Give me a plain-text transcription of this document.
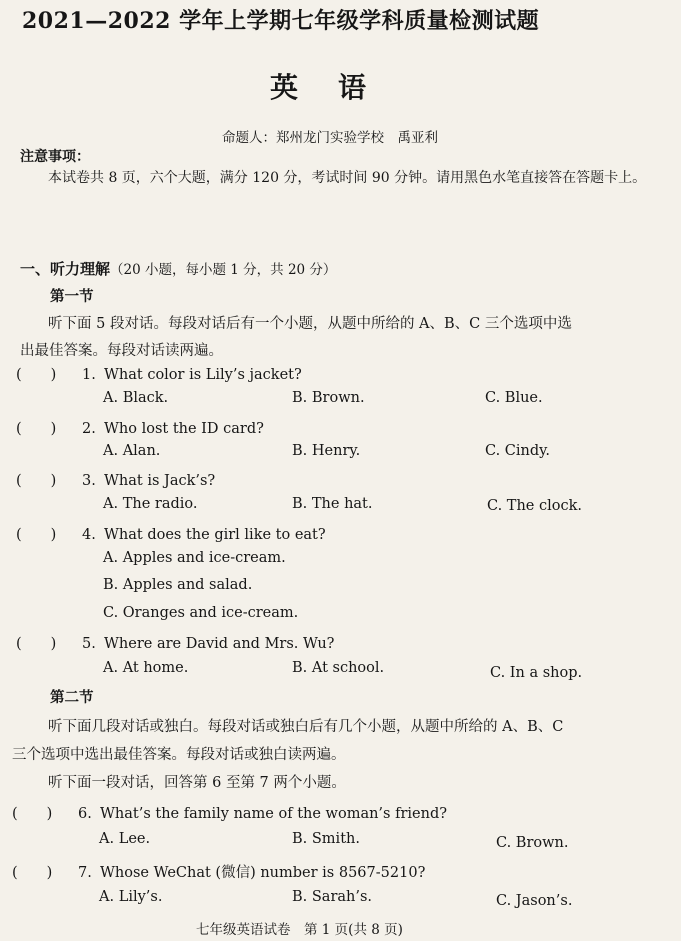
2021—2022 学年上学期七年级学科质量检测试题
英语
命题人：郑州龙门实验学校　禹亚利
注意事项：
本试卷共 8 页，六个大题，满分 120 分，考试时间 90 分钟。请用黑色水笔直接答在答题卡上。
一、听力理解（20 小题，每小题 1 分，共 20 分）
第一节
听下面 5 段对话。每段对话后有一个小题，从题中所给的 A、B、C 三个选项中选
出最佳答案。每段对话读两遍。
(　　) 1. What color is Lily’s jacket?
A. Black.	B. Brown.	C. Blue.
(　　) 2. Who lost the ID card?
A. Alan.	B. Henry.	C. Cindy.
(　　) 3. What is Jack’s?
A. The radio.	B. The hat.	C. The clock.
(　　) 4. What does the girl like to eat?
A. Apples and ice-cream.
B. Apples and salad.
C. Oranges and ice-cream.
(　　) 5. Where are David and Mrs. Wu?
A. At home.	B. At school.	C. In a shop.
第二节
听下面几段对话或独白。每段对话或独白后有几个小题，从题中所给的 A、B、C
三个选项中选出最佳答案。每段对话或独白读两遍。
听下面一段对话，回答第 6 至第 7 两个小题。
(　　) 6. What’s the family name of the woman’s friend?
A. Lee.	B. Smith.	C. Brown.
(　　) 7. Whose WeChat (微信) number is 8567-5210?
A. Lily’s.	B. Sarah’s.	C. Jason’s.
七年级英语试卷　第 1 页(共 8 页)
